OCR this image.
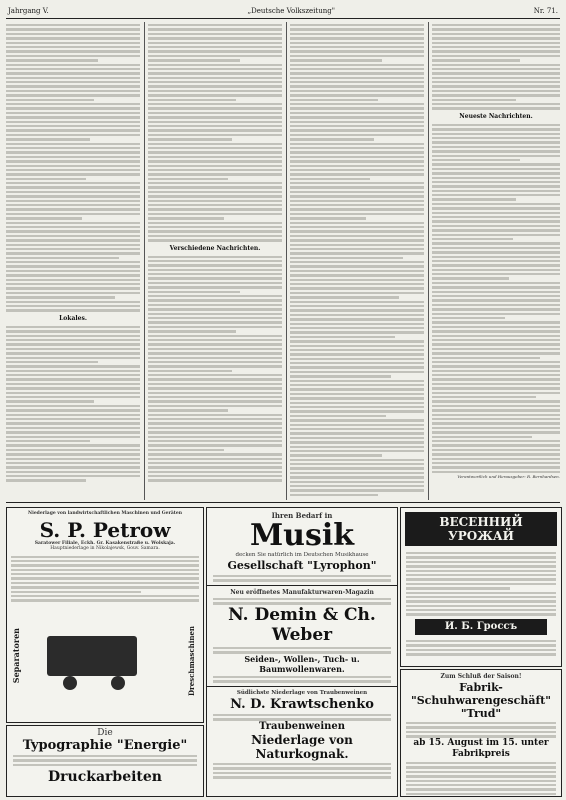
Jahrgang V.	„Deutsche Volkszeitung"	Nr. 71.
Lokales.
Verschiedene Nachrichten.
Neueste Nachrichten.
Verantwortlich und Herausgeber: R. Bernhardsen.
Niederlage von landwirtschaftlichen Maschinen und Geräten
S. P. Petrow
Saratower Filiale, Eckh. Gr. Kasakenstraße u. Wolskaja.
Hauptniederlage in Nikolajewsk, Gouv. Samara.
Separatoren	Dreschmaschinen
Die
Typographie "Energie"
Druckarbeiten
Ihren Bedarf in
Musik
decken Sie natürlich im Deutschen Musikhause
Gesellschaft "Lyrophon"
Neu eröffnetes Manufakturwaren-Magazin
N. Demin & Ch. Weber
Seiden-, Wollen-, Tuch- u. Baumwollenwaren.
Südlichste Niederlage von Traubenweinen
N. D. Krawtschenko
Traubenweinen
Niederlage von Naturkognak.
ВЕСЕННИЙ УРОЖАЙ
И. Б. Гроссъ
Zum Schluß der Saison!
Fabrik-"Schuhwarengeschäft" "Trud"
ab 15. August im 15. unter Fabrikpreis
